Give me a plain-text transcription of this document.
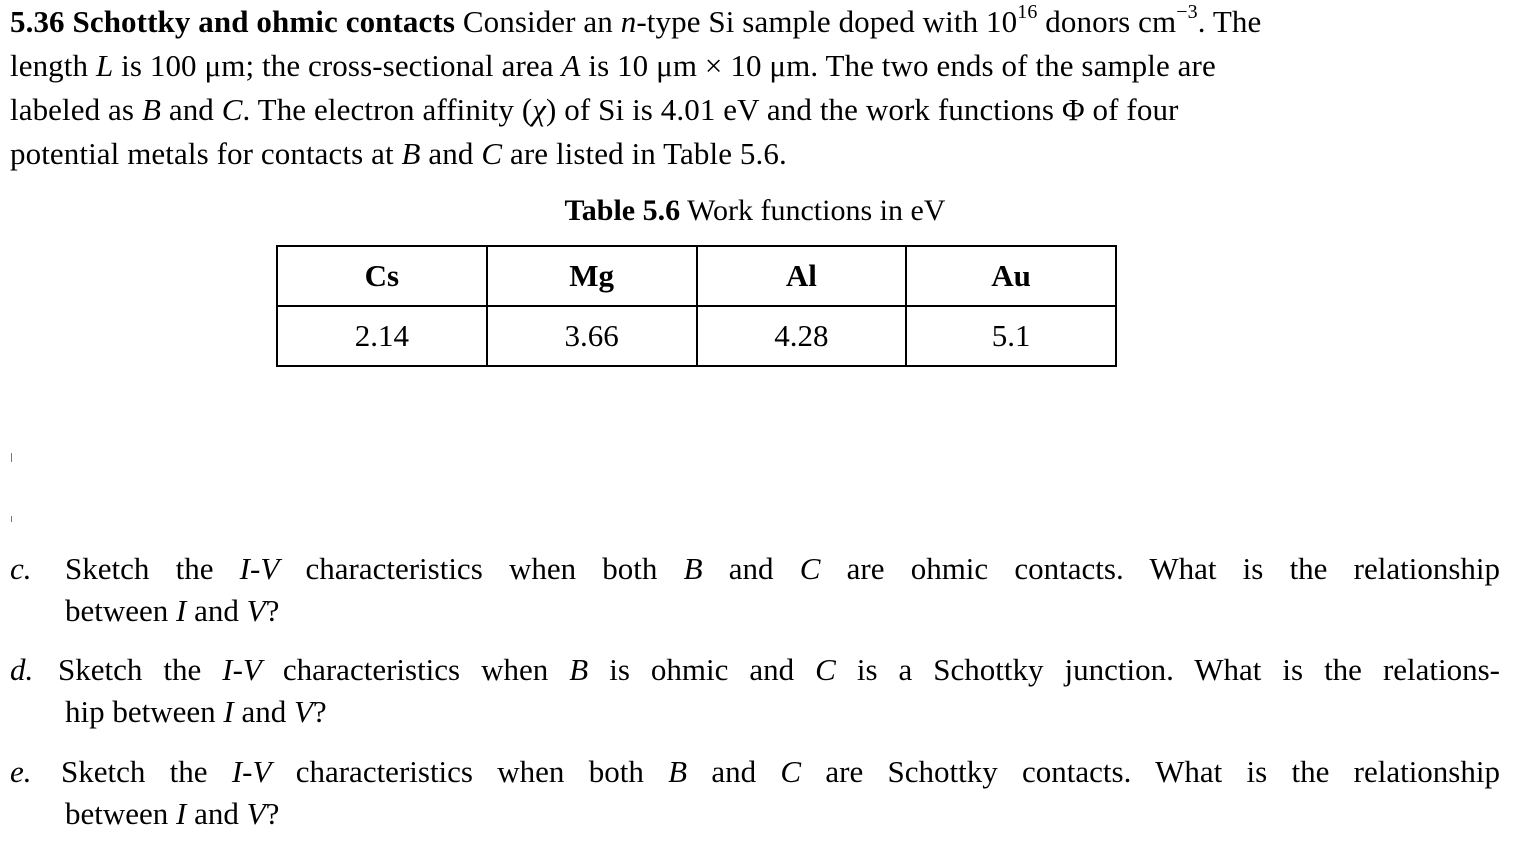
5.36 Schottky and ohmic contacts Consider an n-type Si sample doped with $10^{16}$ donors $cm^{-3}$. The
length L is 100 μm; the cross-sectional area A is 10 μm × 10 μm. The two ends of the sample are
labeled as B and C. The electron affinity (χ) of Si is 4.01 eV and the work functions Φ of four
potential metals for contacts at B and C are listed in Table 5.6.
Table 5.6 Work functions in eV
Cs	Mg	Al	Au
2.14	3.66	4.28	5.1
c.	Sketch the I-V characteristics when both B and C are ohmic contacts. What is the relationship
between I and V?
d. Sketch the I-V characteristics when B is ohmic and C is a Schottky junction. What is the relations-
hip between I and V?
e. Sketch the I-V characteristics when both B and C are Schottky contacts. What is the relationship
between I and V?
